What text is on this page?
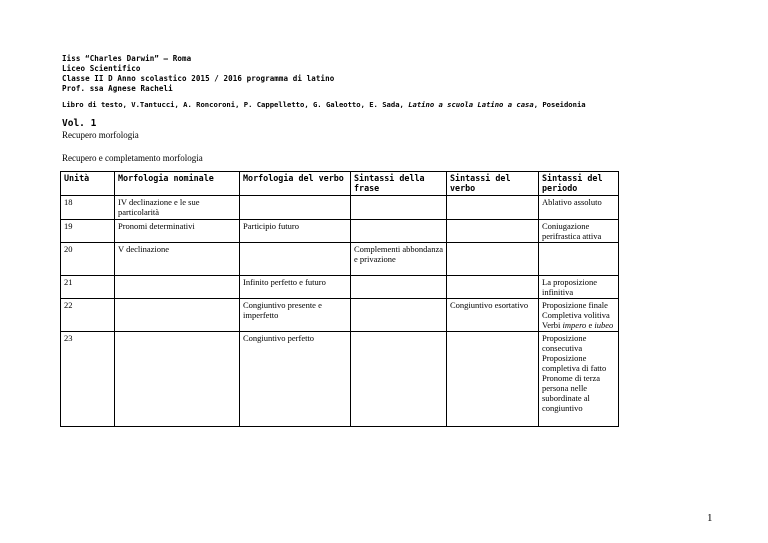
Iiss “Charles Darwin” – Roma
Liceo Scientifico
Classe II D Anno scolastico 2015 / 2016 programma di latino
Prof. ssa Agnese Racheli
Libro di testo, V.Tantucci, A. Roncoroni, P. Cappelletto, G. Galeotto, E. Sada, Latino a scuola Latino a casa, Poseidonia
Vol. 1
Recupero morfologia
Recupero e completamento morfologia
Unità	Morfologia nominale	Morfologia del verbo	Sintassi della frase	Sintassi del verbo	Sintassi del periodo
18	IV declinazione e le sue particolarità				Ablativo assoluto
19	Pronomi determinativi	Participio futuro			Coniugazione perifrastica attiva
20	V declinazione		Complementi abbondanza e privazione		
21		Infinito perfetto e futuro			La proposizione infinitiva
22		Congiuntivo presente e imperfetto		Congiuntivo esortativo	Proposizione finale Completiva volitiva Verbi impero e iubeo
23		Congiuntivo perfetto			Proposizione consecutiva Proposizione completiva di fatto Pronome di terza persona nelle subordinate al congiuntivo
1
